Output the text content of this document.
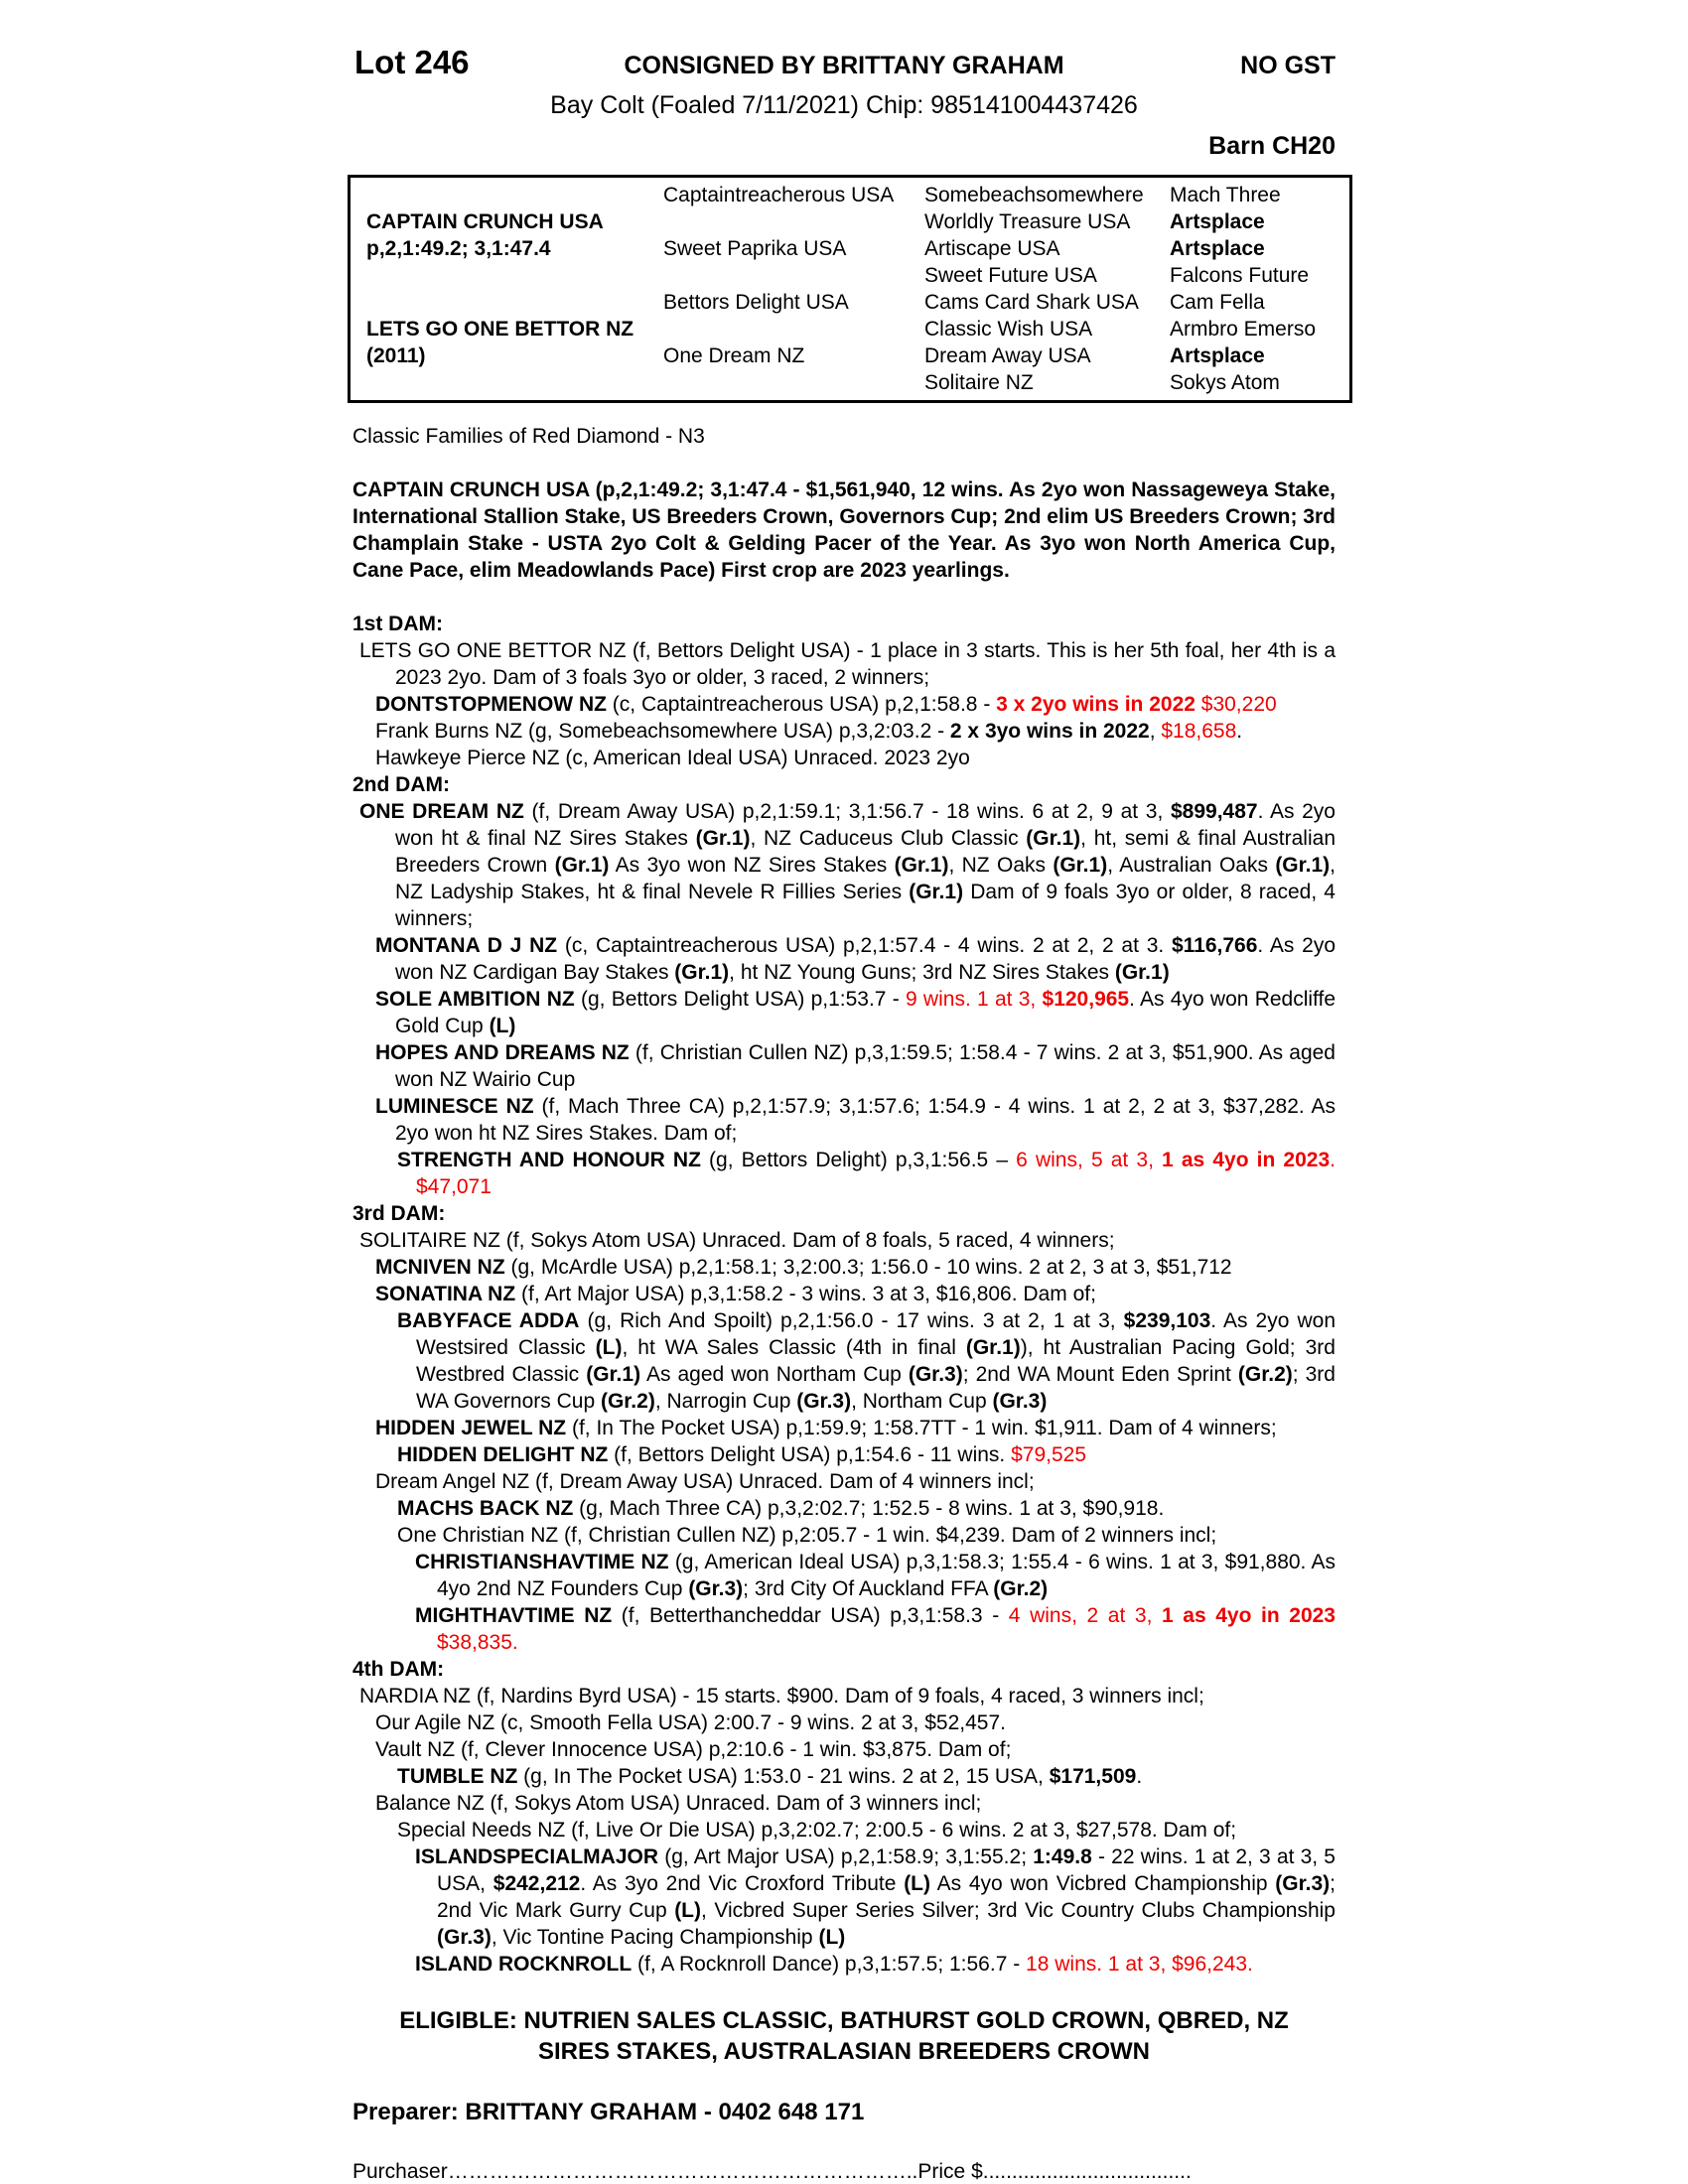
Lot 246	CONSIGNED BY BRITTANY GRAHAM	NO GST
Bay Colt (Foaled 7/11/2021) Chip: 985141004437426
Barn CH20
	Captaintreacherous USA	Somebeachsomewhere	Mach Three
CAPTAIN CRUNCH USA		Worldly Treasure USA	Artsplace
p,2,1:49.2; 3,1:47.4	Sweet Paprika USA	Artiscape USA	Artsplace
		Sweet Future USA	Falcons Future
	Bettors Delight USA	Cams Card Shark USA	Cam Fella
LETS GO ONE BETTOR NZ		Classic Wish USA	Armbro Emerso
(2011)	One Dream NZ	Dream Away USA	Artsplace
		Solitaire NZ	Sokys Atom
Classic Families of Red Diamond - N3
CAPTAIN CRUNCH USA (p,2,1:49.2; 3,1:47.4 - $1,561,940, 12 wins. As 2yo won Nassageweya Stake, International Stallion Stake, US Breeders Crown, Governors Cup; 2nd elim US Breeders Crown; 3rd Champlain Stake - USTA 2yo Colt & Gelding Pacer of the Year. As 3yo won North America Cup, Cane Pace, elim Meadowlands Pace) First crop are 2023 yearlings.

1st DAM:

LETS GO ONE BETTOR NZ (f, Bettors Delight USA) - 1 place in 3 starts. This is her 5th foal, her 4th is a 2023 2yo. Dam of 3 foals 3yo or older, 3 raced, 2 winners;

DONTSTOPMENOW NZ (c, Captaintreacherous USA) p,2,1:58.8 - 3 x 2yo wins in 2022 $30,220

Frank Burns NZ (g, Somebeachsomewhere USA) p,3,2:03.2 - 2 x 3yo wins in 2022, $18,658.

Hawkeye Pierce NZ (c, American Ideal USA) Unraced. 2023 2yo

2nd DAM:

ONE DREAM NZ (f, Dream Away USA) p,2,1:59.1; 3,1:56.7 - 18 wins. 6 at 2, 9 at 3, $899,487. As 2yo won ht & final NZ Sires Stakes (Gr.1), NZ Caduceus Club Classic (Gr.1), ht, semi & final Australian Breeders Crown (Gr.1) As 3yo won NZ Sires Stakes (Gr.1), NZ Oaks (Gr.1), Australian Oaks (Gr.1), NZ Ladyship Stakes, ht & final Nevele R Fillies Series (Gr.1) Dam of 9 foals 3yo or older, 8 raced, 4 winners;

MONTANA D J NZ (c, Captaintreacherous USA) p,2,1:57.4 - 4 wins. 2 at 2, 2 at 3. $116,766. As 2yo won NZ Cardigan Bay Stakes (Gr.1), ht NZ Young Guns; 3rd NZ Sires Stakes (Gr.1)

SOLE AMBITION NZ (g, Bettors Delight USA) p,1:53.7 - 9 wins. 1 at 3, $120,965. As 4yo won Redcliffe Gold Cup (L)

HOPES AND DREAMS NZ (f, Christian Cullen NZ) p,3,1:59.5; 1:58.4 - 7 wins. 2 at 3, $51,900. As aged won NZ Wairio Cup

LUMINESCE NZ (f, Mach Three CA) p,2,1:57.9; 3,1:57.6; 1:54.9 - 4 wins. 1 at 2, 2 at 3, $37,282. As 2yo won ht NZ Sires Stakes. Dam of;

STRENGTH AND HONOUR NZ (g, Bettors Delight) p,3,1:56.5 – 6 wins, 5 at 3, 1 as 4yo in 2023. $47,071

3rd DAM:

SOLITAIRE NZ (f, Sokys Atom USA) Unraced. Dam of 8 foals, 5 raced, 4 winners;

MCNIVEN NZ (g, McArdle USA) p,2,1:58.1; 3,2:00.3; 1:56.0 - 10 wins. 2 at 2, 3 at 3, $51,712

SONATINA NZ (f, Art Major USA) p,3,1:58.2 - 3 wins. 3 at 3, $16,806. Dam of;

BABYFACE ADDA (g, Rich And Spoilt) p,2,1:56.0 - 17 wins. 3 at 2, 1 at 3, $239,103. As 2yo won Westsired Classic (L), ht WA Sales Classic (4th in final (Gr.1)), ht Australian Pacing Gold; 3rd Westbred Classic (Gr.1) As aged won Northam Cup (Gr.3); 2nd WA Mount Eden Sprint (Gr.2); 3rd WA Governors Cup (Gr.2), Narrogin Cup (Gr.3), Northam Cup (Gr.3)

HIDDEN JEWEL NZ (f, In The Pocket USA) p,1:59.9; 1:58.7TT - 1 win. $1,911. Dam of 4 winners;

HIDDEN DELIGHT NZ (f, Bettors Delight USA) p,1:54.6 - 11 wins. $79,525

Dream Angel NZ (f, Dream Away USA) Unraced. Dam of 4 winners incl;

MACHS BACK NZ (g, Mach Three CA) p,3,2:02.7; 1:52.5 - 8 wins. 1 at 3, $90,918.

One Christian NZ (f, Christian Cullen NZ) p,2:05.7 - 1 win. $4,239. Dam of 2 winners incl;

CHRISTIANSHAVTIME NZ (g, American Ideal USA) p,3,1:58.3; 1:55.4 - 6 wins. 1 at 3, $91,880. As 4yo 2nd NZ Founders Cup (Gr.3); 3rd City Of Auckland FFA (Gr.2)

MIGHTHAVTIME NZ (f, Betterthancheddar USA) p,3,1:58.3 - 4 wins, 2 at 3, 1 as 4yo in 2023 $38,835.

4th DAM:

NARDIA NZ (f, Nardins Byrd USA) - 15 starts. $900. Dam of 9 foals, 4 raced, 3 winners incl;

Our Agile NZ (c, Smooth Fella USA) 2:00.7 - 9 wins. 2 at 3, $52,457.

Vault NZ (f, Clever Innocence USA) p,2:10.6 - 1 win. $3,875. Dam of;

TUMBLE NZ (g, In The Pocket USA) 1:53.0 - 21 wins. 2 at 2, 15 USA, $171,509.

Balance NZ (f, Sokys Atom USA) Unraced. Dam of 3 winners incl;

Special Needs NZ (f, Live Or Die USA) p,3,2:02.7; 2:00.5 - 6 wins. 2 at 3, $27,578. Dam of;

ISLANDSPECIALMAJOR (g, Art Major USA) p,2,1:58.9; 3,1:55.2; 1:49.8 - 22 wins. 1 at 2, 3 at 3, 5 USA, $242,212. As 3yo 2nd Vic Croxford Tribute (L) As 4yo won Vicbred Championship (Gr.3); 2nd Vic Mark Gurry Cup (L), Vicbred Super Series Silver; 3rd Vic Country Clubs Championship (Gr.3), Vic Tontine Pacing Championship (L)

ISLAND ROCKNROLL (f, A Rocknroll Dance) p,3,1:57.5; 1:56.7 - 18 wins. 1 at 3, $96,243.

ELIGIBLE: NUTRIEN SALES CLASSIC, BATHURST GOLD CROWN, QBRED, NZ
SIRES STAKES, AUSTRALASIAN BREEDERS CROWN
Preparer: BRITTANY GRAHAM - 0402 648 171
Purchaser…………………………………………………………..Price $....................................
